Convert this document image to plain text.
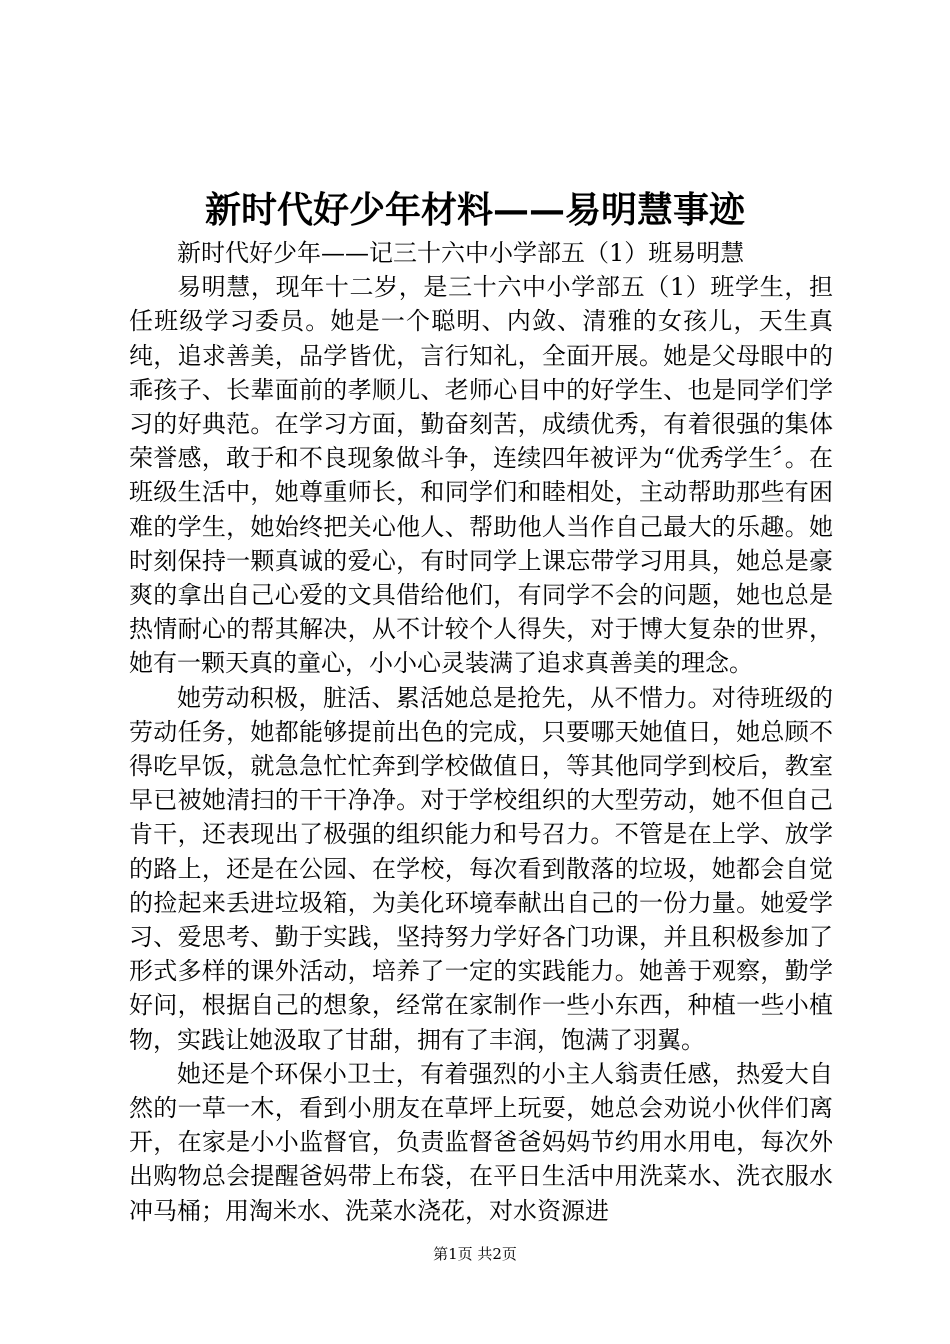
新时代好少年材料——易明慧事迹

新时代好少年——记三十六中小学部五（1）班易明慧

易明慧，现年十二岁，是三十六中小学部五（1）班学生，担任班级学习委员。她是一个聪明、内敛、清雅的女孩儿，天生真纯，追求善美，品学皆优，言行知礼，全面开展。她是父母眼中的乖孩子、长辈面前的孝顺儿、老师心目中的好学生、也是同学们学习的好典范。在学习方面，勤奋刻苦，成绩优秀，有着很强的集体荣誉感，敢于和不良现象做斗争，连续四年被评为“优秀学生〞。在班级生活中，她尊重师长，和同学们和睦相处，主动帮助那些有困难的学生，她始终把关心他人、帮助他人当作自己最大的乐趣。她时刻保持一颗真诚的爱心，有时同学上课忘带学习用具，她总是豪爽的拿出自己心爱的文具借给他们，有同学不会的问题，她也总是热情耐心的帮其解决，从不计较个人得失，对于博大复杂的世界，她有一颗天真的童心，小小心灵装满了追求真善美的理念。

她劳动积极，脏活、累活她总是抢先，从不惜力。对待班级的劳动任务，她都能够提前出色的完成，只要哪天她值日，她总顾不得吃早饭，就急急忙忙奔到学校做值日，等其他同学到校后，教室早已被她清扫的干干净净。对于学校组织的大型劳动，她不但自己肯干，还表现出了极强的组织能力和号召力。不管是在上学、放学的路上，还是在公园、在学校，每次看到散落的垃圾，她都会自觉的捡起来丢进垃圾箱，为美化环境奉献出自己的一份力量。她爱学习、爱思考、勤于实践，坚持努力学好各门功课，并且积极参加了形式多样的课外活动，培养了一定的实践能力。她善于观察，勤学好问，根据自己的想象，经常在家制作一些小东西，种植一些小植物，实践让她汲取了甘甜，拥有了丰润，饱满了羽翼。

她还是个环保小卫士，有着强烈的小主人翁责任感，热爱大自然的一草一木，看到小朋友在草坪上玩耍，她总会劝说小伙伴们离开，在家是小小监督官，负责监督爸爸妈妈节约用水用电，每次外出购物总会提醒爸妈带上布袋，在平日生活中用洗菜水、洗衣服水冲马桶；用淘米水、洗菜水浇花，对水资源进

第1页 共2页
